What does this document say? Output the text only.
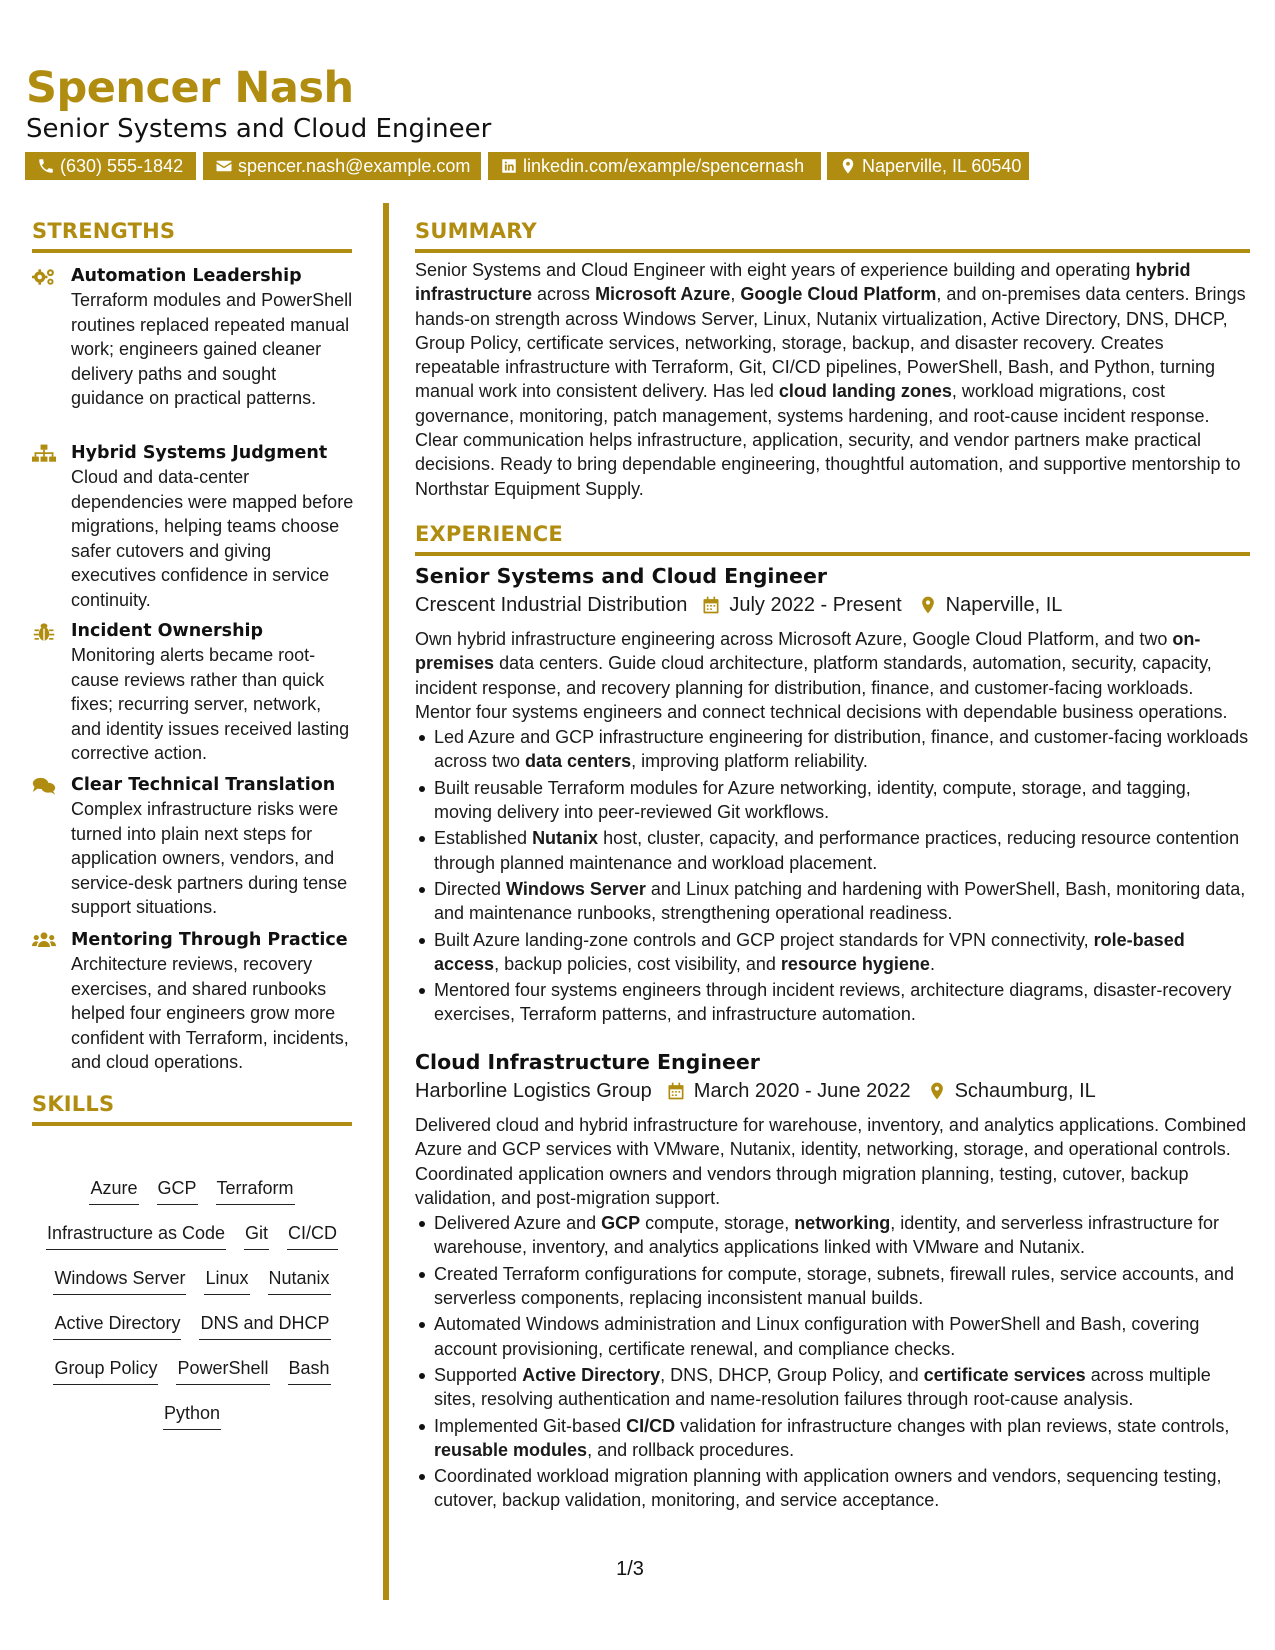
Spencer Nash
Senior Systems and Cloud Engineer
(630) 555-1842	spencer.nash@example.com	linkedin.com/example/spencernash	Naperville, IL 60540
STRENGTHS
Automation Leadership
Terraform modules and PowerShell routines replaced repeated manual work; engineers gained cleaner delivery paths and sought guidance on practical patterns.
Hybrid Systems Judgment
Cloud and data-center dependencies were mapped before migrations, helping teams choose safer cutovers and giving executives confidence in service continuity.
Incident Ownership
Monitoring alerts became root-cause reviews rather than quick fixes; recurring server, network, and identity issues received lasting corrective action.
Clear Technical Translation
Complex infrastructure risks were turned into plain next steps for application owners, vendors, and service-desk partners during tense support situations.
Mentoring Through Practice
Architecture reviews, recovery exercises, and shared runbooks helped four engineers grow more confident with Terraform, incidents, and cloud operations.
SKILLS
Azure GCP Terraform
Infrastructure as Code Git CI/CD
Windows Server Linux Nutanix
Active Directory DNS and DHCP
Group Policy PowerShell Bash
Python
SUMMARY
Senior Systems and Cloud Engineer with eight years of experience building and operating hybrid infrastructure across Microsoft Azure, Google Cloud Platform, and on-premises data centers. Brings hands-on strength across Windows Server, Linux, Nutanix virtualization, Active Directory, DNS, DHCP, Group Policy, certificate services, networking, storage, backup, and disaster recovery. Creates repeatable infrastructure with Terraform, Git, CI/CD pipelines, PowerShell, Bash, and Python, turning manual work into consistent delivery. Has led cloud landing zones, workload migrations, cost governance, monitoring, patch management, systems hardening, and root-cause incident response. Clear communication helps infrastructure, application, security, and vendor partners make practical decisions. Ready to bring dependable engineering, thoughtful automation, and supportive mentorship to Northstar Equipment Supply.
EXPERIENCE
Senior Systems and Cloud Engineer
Crescent Industrial Distribution July 2022 - Present Naperville, IL
Own hybrid infrastructure engineering across Microsoft Azure, Google Cloud Platform, and two on-premises data centers. Guide cloud architecture, platform standards, automation, security, capacity, incident response, and recovery planning for distribution, finance, and customer-facing workloads. Mentor four systems engineers and connect technical decisions with dependable business operations.
Led Azure and GCP infrastructure engineering for distribution, finance, and customer-facing workloads across two data centers, improving platform reliability.
Built reusable Terraform modules for Azure networking, identity, compute, storage, and tagging, moving delivery into peer-reviewed Git workflows.
Established Nutanix host, cluster, capacity, and performance practices, reducing resource contention through planned maintenance and workload placement.
Directed Windows Server and Linux patching and hardening with PowerShell, Bash, monitoring data, and maintenance runbooks, strengthening operational readiness.
Built Azure landing-zone controls and GCP project standards for VPN connectivity, role-based access, backup policies, cost visibility, and resource hygiene.
Mentored four systems engineers through incident reviews, architecture diagrams, disaster-recovery exercises, Terraform patterns, and infrastructure automation.
Cloud Infrastructure Engineer
Harborline Logistics Group March 2020 - June 2022 Schaumburg, IL
Delivered cloud and hybrid infrastructure for warehouse, inventory, and analytics applications. Combined Azure and GCP services with VMware, Nutanix, identity, networking, storage, and operational controls. Coordinated application owners and vendors through migration planning, testing, cutover, backup validation, and post-migration support.
Delivered Azure and GCP compute, storage, networking, identity, and serverless infrastructure for warehouse, inventory, and analytics applications linked with VMware and Nutanix.
Created Terraform configurations for compute, storage, subnets, firewall rules, service accounts, and serverless components, replacing inconsistent manual builds.
Automated Windows administration and Linux configuration with PowerShell and Bash, covering account provisioning, certificate renewal, and compliance checks.
Supported Active Directory, DNS, DHCP, Group Policy, and certificate services across multiple sites, resolving authentication and name-resolution failures through root-cause analysis.
Implemented Git-based CI/CD validation for infrastructure changes with plan reviews, state controls, reusable modules, and rollback procedures.
Coordinated workload migration planning with application owners and vendors, sequencing testing, cutover, backup validation, monitoring, and service acceptance.
1/3
